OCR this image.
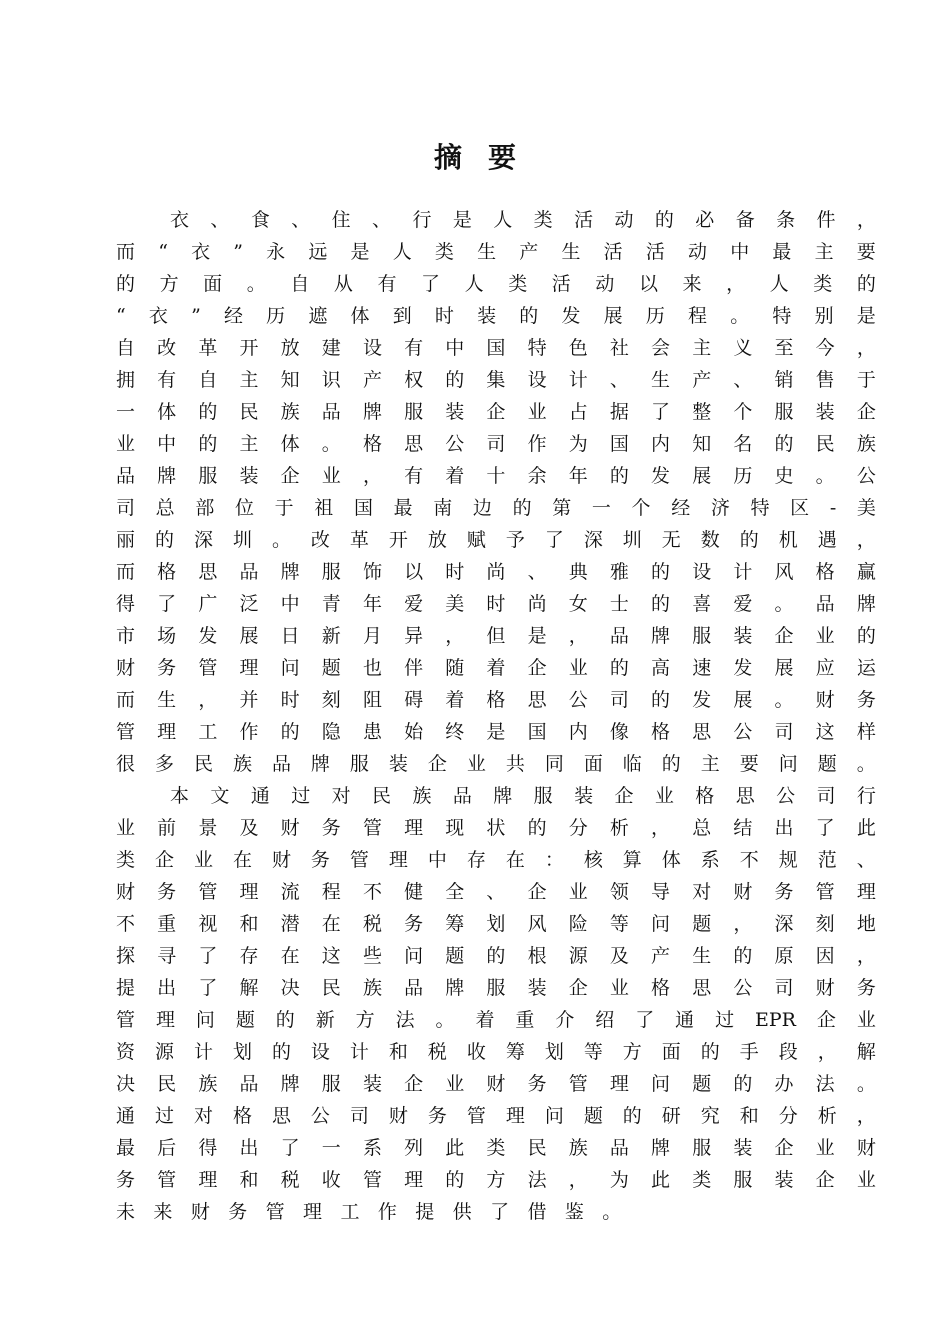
摘要
衣 、 食 、 住 、 行 是 人 类 活 动 的 必 备 条 件 ，
而 “ 衣 ” 永 远 是 人 类 生 产 生 活 活 动 中 最 主 要
的 方 面 。 自 从 有 了 人 类 活 动 以 来 ， 人 类 的
“ 衣 ” 经 历 遮 体 到 时 装 的 发 展 历 程 。 特 别 是
自 改 革 开 放 建 设 有 中 国 特 色 社 会 主 义 至 今 ，
拥 有 自 主 知 识 产 权 的 集 设 计 、 生 产 、 销 售 于
一 体 的 民 族 品 牌 服 装 企 业 占 据 了 整 个 服 装 企
业 中 的 主 体 。 格 思 公 司 作 为 国 内 知 名 的 民 族
品 牌 服 装 企 业 ， 有 着 十 余 年 的 发 展 历 史 。 公
司 总 部 位 于 祖 国 最 南 边 的 第 一 个 经 济 特 区 - 美
丽 的 深 圳 。 改 革 开 放 赋 予 了 深 圳 无 数 的 机 遇 ，
而 格 思 品 牌 服 饰 以 时 尚 、 典 雅 的 设 计 风 格 赢
得 了 广 泛 中 青 年 爱 美 时 尚 女 士 的 喜 爱 。 品 牌
市 场 发 展 日 新 月 异 ， 但 是 ， 品 牌 服 装 企 业 的
财 务 管 理 问 题 也 伴 随 着 企 业 的 高 速 发 展 应 运
而 生 ， 并 时 刻 阻 碍 着 格 思 公 司 的 发 展 。 财 务
管 理 工 作 的 隐 患 始 终 是 国 内 像 格 思 公 司 这 样
很 多 民 族 品 牌 服 装 企 业 共 同 面 临 的 主 要 问 题 。
本 文 通 过 对 民 族 品 牌 服 装 企 业 格 思 公 司 行
业 前 景 及 财 务 管 理 现 状 的 分 析 ， 总 结 出 了 此
类 企 业 在 财 务 管 理 中 存 在 ： 核 算 体 系 不 规 范 、
财 务 管 理 流 程 不 健 全 、 企 业 领 导 对 财 务 管 理
不 重 视 和 潜 在 税 务 筹 划 风 险 等 问 题 ， 深 刻 地
探 寻 了 存 在 这 些 问 题 的 根 源 及 产 生 的 原 因 ，
提 出 了 解 决 民 族 品 牌 服 装 企 业 格 思 公 司 财 务
管 理 问 题 的 新 方 法 。 着 重 介 绍 了 通 过 EPR 企 业
资 源 计 划 的 设 计 和 税 收 筹 划 等 方 面 的 手 段 ， 解
决 民 族 品 牌 服 装 企 业 财 务 管 理 问 题 的 办 法 。
通 过 对 格 思 公 司 财 务 管 理 问 题 的 研 究 和 分 析 ，
最 后 得 出 了 一 系 列 此 类 民 族 品 牌 服 装 企 业 财
务 管 理 和 税 收 管 理 的 方 法 ， 为 此 类 服 装 企 业
未 来 财 务 管 理 工 作 提 供 了 借 鉴 。
